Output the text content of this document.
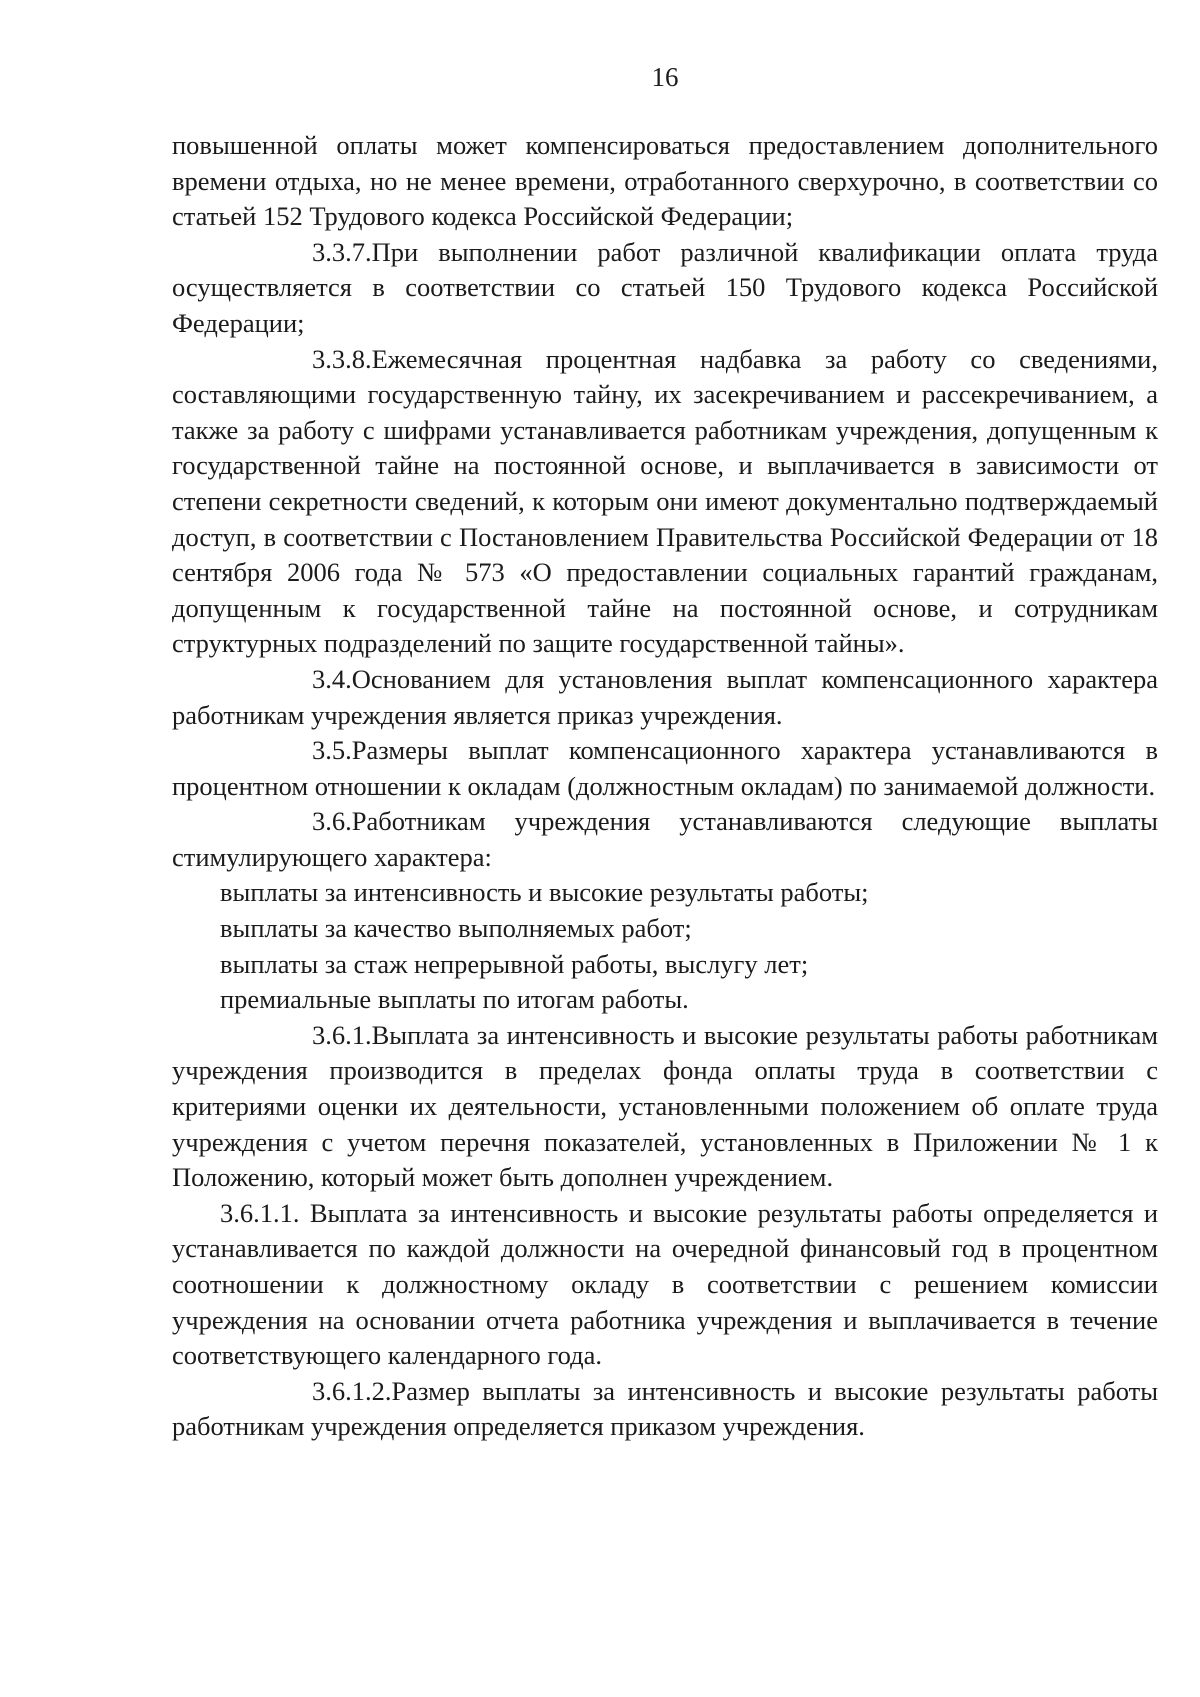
16

повышенной оплаты может компенсироваться предоставлением дополнительного времени отдыха, но не менее времени, отработанного сверхурочно, в соответствии со статьей 152 Трудового кодекса Российской Федерации;

3.3.7.При выполнении работ различной квалификации оплата труда осуществляется в соответствии со статьей 150 Трудового кодекса Российской Федерации;

3.3.8.Ежемесячная процентная надбавка за работу со сведениями, составляющими государственную тайну, их засекречиванием и рассекречиванием, а также за работу с шифрами устанавливается работникам учреждения, допущенным к государственной тайне на постоянной основе, и выплачивается в зависимости от степени секретности сведений, к которым они имеют документально подтверждаемый доступ, в соответствии с Постановлением Правительства Российской Федерации от 18 сентября 2006 года № 573 «О предоставлении социальных гарантий гражданам, допущенным к государственной тайне на постоянной основе, и сотрудникам структурных подразделений по защите государственной тайны».

3.4.Основанием для установления выплат компенсационного характера работникам учреждения является приказ учреждения.

3.5.Размеры выплат компенсационного характера устанавливаются в процентном отношении к окладам (должностным окладам) по занимаемой должности.

3.6.Работникам учреждения устанавливаются следующие выплаты стимулирующего характера:

выплаты за интенсивность и высокие результаты работы;

выплаты за качество выполняемых работ;

выплаты за стаж непрерывной работы, выслугу лет;

премиальные выплаты по итогам работы.

3.6.1.Выплата за интенсивность и высокие результаты работы работникам учреждения производится в пределах фонда оплаты труда в соответствии с критериями оценки их деятельности, установленными положением об оплате труда учреждения с учетом перечня показателей, установленных в Приложении № 1 к Положению, который может быть дополнен учреждением.

3.6.1.1. Выплата за интенсивность и высокие результаты работы определяется и устанавливается по каждой должности на очередной финансовый год в процентном соотношении к должностному окладу в соответствии с решением комиссии учреждения на основании отчета работника учреждения и выплачивается в течение соответствующего календарного года.

3.6.1.2.Размер выплаты за интенсивность и высокие результаты работы работникам учреждения определяется приказом учреждения.
